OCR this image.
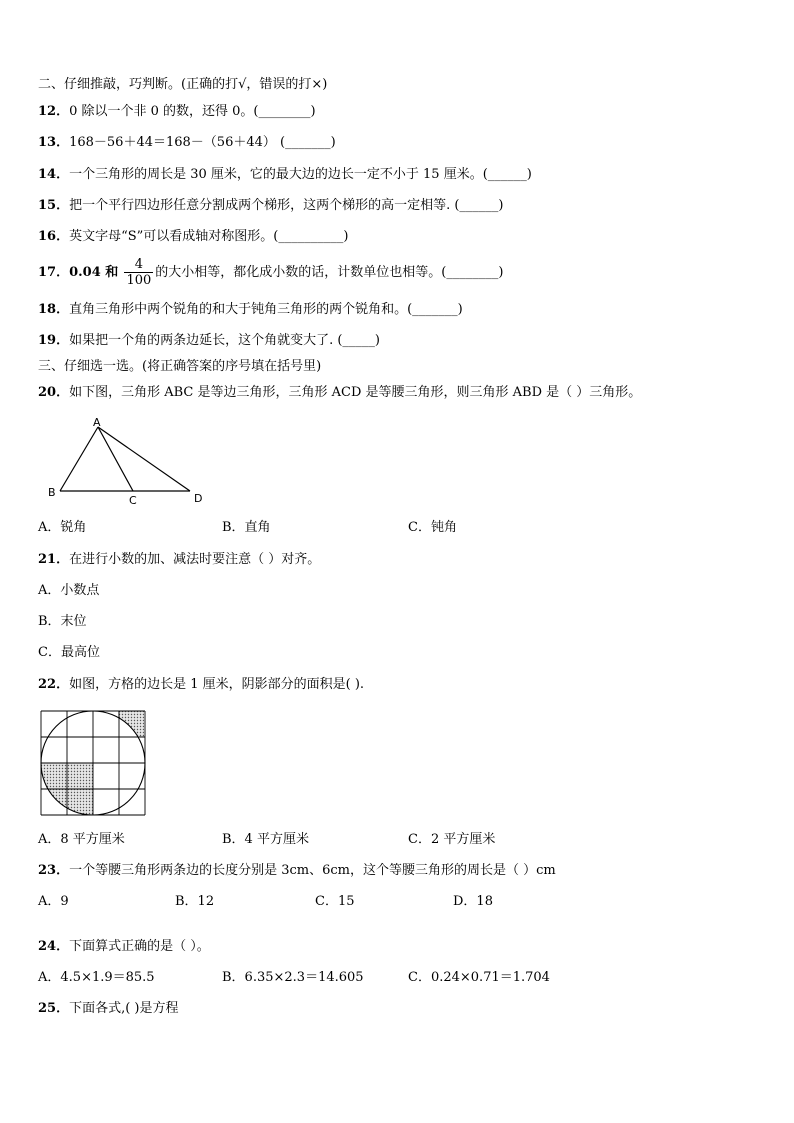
二、仔细推敲，巧判断。(正确的打√，错误的打×)
12．0 除以一个非 0 的数，还得 0。(________)
13．168－56＋44＝168－（56＋44） (_______)
14．一个三角形的周长是 30 厘米，它的最大边的边长一定不小于 15 厘米。(______)
15．把一个平行四边形任意分割成两个梯形，这两个梯形的高一定相等. (______)
16．英文字母“S”可以看成轴对称图形。(__________)
17．0.04 和 $\frac{4}{100}$ 的大小相等，都化成小数的话，计数单位也相等。(________)
18．直角三角形中两个锐角的和大于钝角三角形的两个锐角和。(_______)
19．如果把一个角的两条边延长，这个角就变大了. (_____)
三、仔细选一选。(将正确答案的序号填在括号里)
20．如下图，三角形 ABC 是等边三角形，三角形 ACD 是等腰三角形，则三角形 ABD 是（ ）三角形。
A
B
C	D
A．锐角	B．直角	C．钝角
21．在进行小数的加、减法时要注意（ ）对齐。
A．小数点
B．末位
C．最高位
22．如图，方格的边长是 1 厘米，阴影部分的面积是( ).
A．8 平方厘米	B．4 平方厘米	C．2 平方厘米
23．一个等腰三角形两条边的长度分别是 3cm、6cm，这个等腰三角形的周长是（ ）cm
A．9	B．12	C．15	D．18
24．下面算式正确的是（ ）。
A．4.5×1.9＝85.5	B．6.35×2.3＝14.605	C．0.24×0.71＝1.704
25．下面各式,( )是方程
